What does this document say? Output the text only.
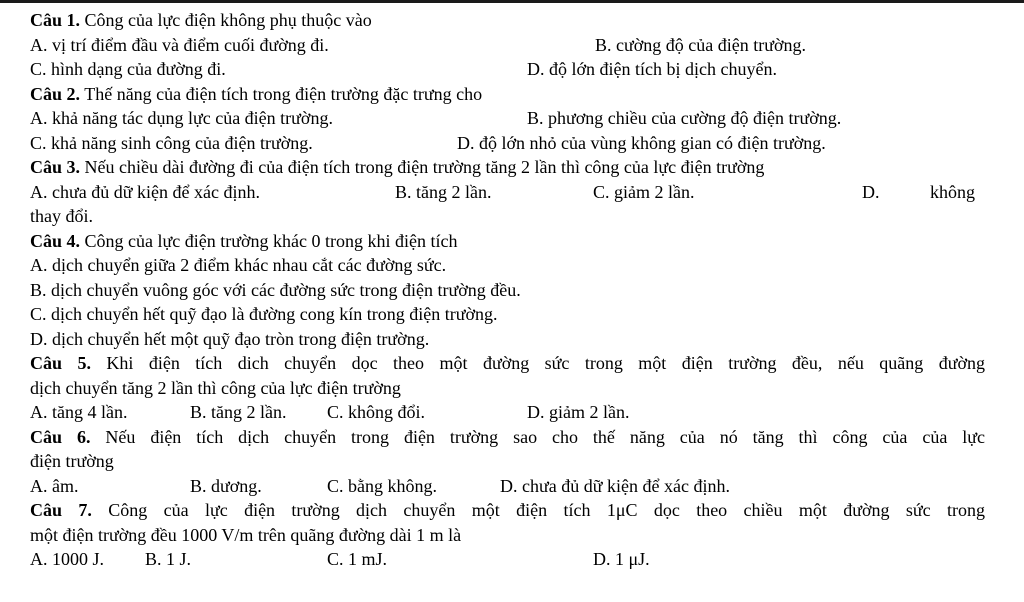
Câu 1. Công của lực điện không phụ thuộc vào
A. vị trí điểm đầu và điểm cuối đường đi.	B. cường độ của điện trường.
C. hình dạng của đường đi.	D. độ lớn điện tích bị dịch chuyển.
Câu 2. Thế năng của điện tích trong điện trường đặc trưng cho
A. khả năng tác dụng lực của điện trường.	B. phương chiều của cường độ điện trường.
C. khả năng sinh công của điện trường.	D. độ lớn nhỏ của vùng không gian có điện trường.
Câu 3. Nếu chiều dài đường đi của điện tích trong điện trường tăng 2 lần thì công của lực điện trường
A. chưa đủ dữ kiện để xác định.	B. tăng 2 lần.	C. giảm 2 lần.	D.	không
thay đổi.
Câu 4. Công của lực điện trường khác 0 trong khi điện tích
A. dịch chuyển giữa 2 điểm khác nhau cắt các đường sức.
B. dịch chuyển vuông góc với các đường sức trong điện trường đều.
C. dịch chuyển hết quỹ đạo là đường cong kín trong điện trường.
D. dịch chuyển hết một quỹ đạo tròn trong điện trường.
Câu 5. Khi điện tích dich chuyển dọc theo một đường sức trong một điện trường đều, nếu quãng đường
dịch chuyển tăng 2 lần thì công của lực điện trường
A. tăng 4 lần.	B. tăng 2 lần. C. không đổi.	D. giảm 2 lần.
Câu 6. Nếu điện tích dịch chuyển trong điện trường sao cho thế năng của nó tăng thì công của của lực
điện trường
A. âm.	B. dương.	C. bằng không.	D. chưa đủ dữ kiện để xác định.
Câu 7. Công của lực điện trường dịch chuyển một điện tích 1μC dọc theo chiều một đường sức trong
một điện trường đều 1000 V/m trên quãng đường dài 1 m là
A. 1000 J. B. 1 J.	C. 1 mJ.	D. 1 μJ.
